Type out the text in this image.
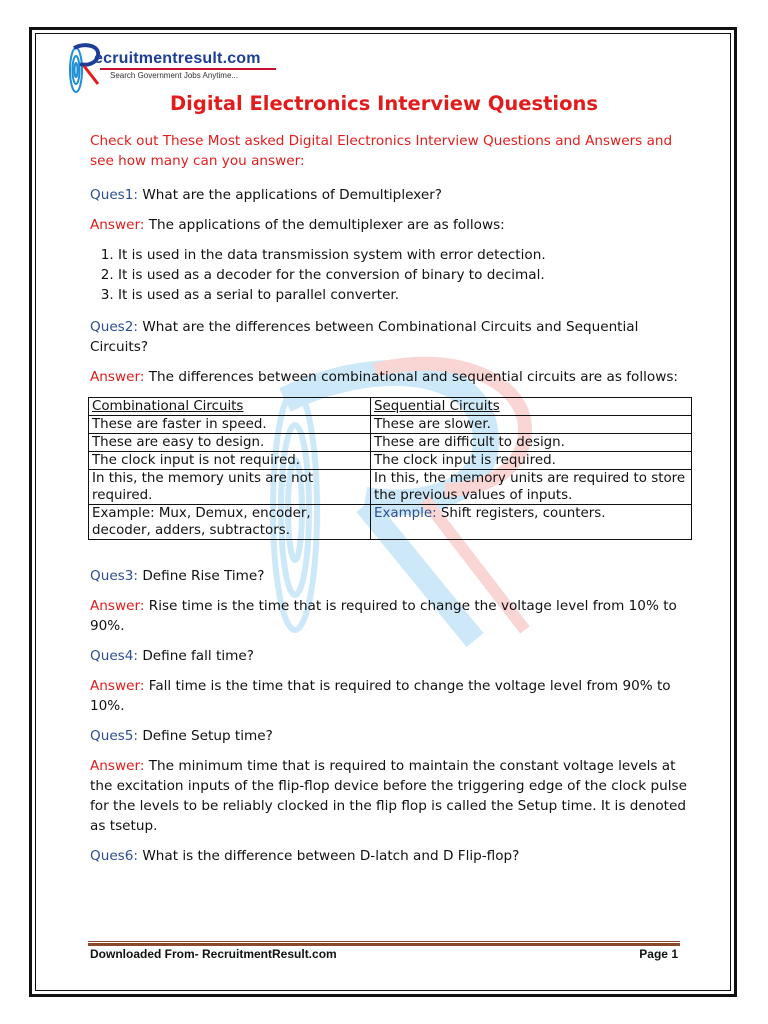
ecruitmentresult.com
Search Government Jobs Anytime...
Digital Electronics Interview Questions

Check out These Most asked Digital Electronics Interview Questions and Answers and see how many can you answer:

Ques1: What are the applications of Demultiplexer?

Answer: The applications of the demultiplexer are as follows:

1. It is used in the data transmission system with error detection.
2. It is used as a decoder for the conversion of binary to decimal.
3. It is used as a serial to parallel converter.

Ques2: What are the differences between Combinational Circuits and Sequential Circuits?

Answer: The differences between combinational and sequential circuits are as follows:

Combinational Circuits	Sequential Circuits
These are faster in speed.	These are slower.
These are easy to design.	These are difficult to design.
The clock input is not required.	The clock input is required.
In this, the memory units are not required.	In this, the memory units are required to store the previous values of inputs.
Example: Mux, Demux, encoder, decoder, adders, subtractors.	Example: Shift registers, counters.

Ques3: Define Rise Time?

Answer: Rise time is the time that is required to change the voltage level from 10% to 90%.

Ques4: Define fall time?

Answer: Fall time is the time that is required to change the voltage level from 90% to 10%.

Ques5: Define Setup time?

Answer: The minimum time that is required to maintain the constant voltage levels at the excitation inputs of the flip-flop device before the triggering edge of the clock pulse for the levels to be reliably clocked in the flip flop is called the Setup time. It is denoted as tsetup.

Ques6: What is the difference between D-latch and D Flip-flop?

Downloaded From- RecruitmentResult.com	Page 1
